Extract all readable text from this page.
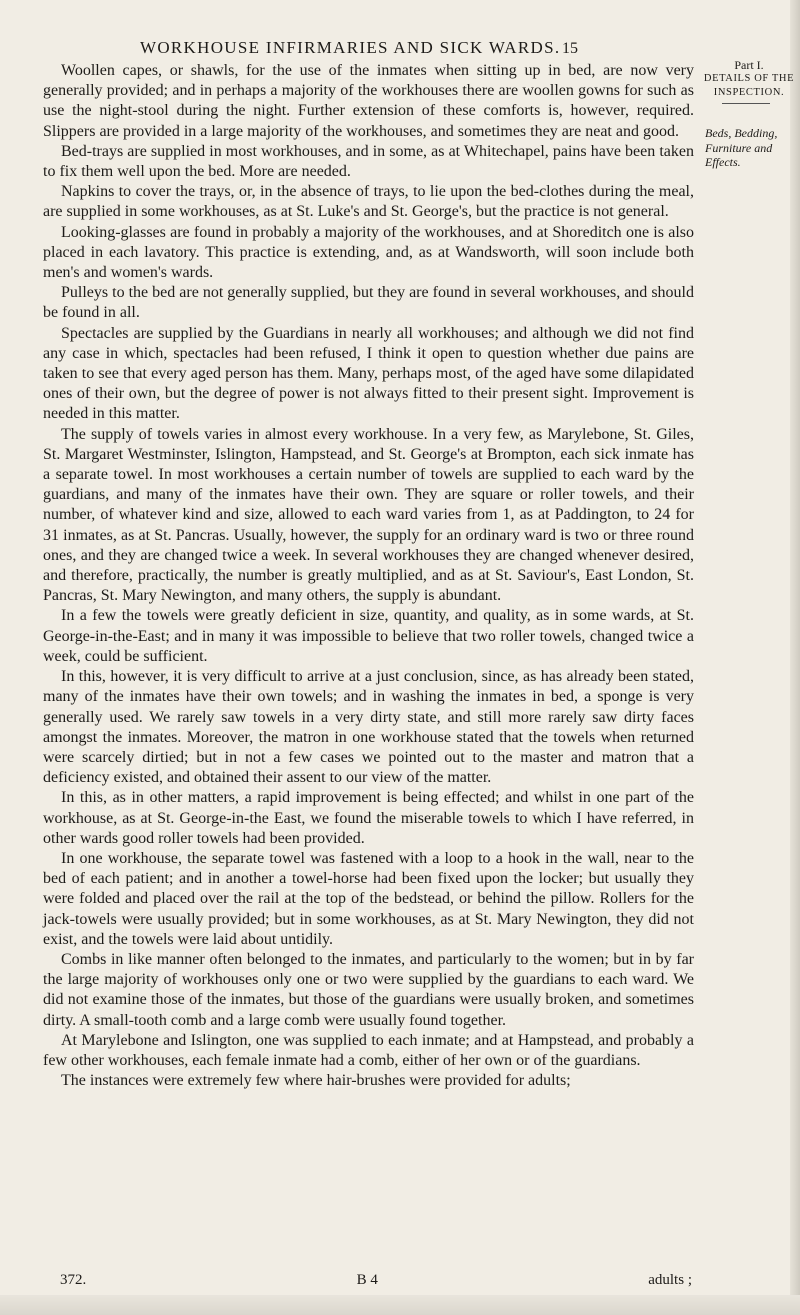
WORKHOUSE INFIRMARIES AND SICK WARDS. 15
Part I.
DETAILS OF THE
INSPECTION.
Beds, Bedding, Furniture and Effects.

Woollen capes, or shawls, for the use of the inmates when sitting up in bed, are now very generally provided; and in perhaps a majority of the workhouses there are woollen gowns for such as use the night-stool during the night. Further extension of these comforts is, however, required. Slippers are provided in a large majority of the workhouses, and sometimes they are neat and good.

Bed-trays are supplied in most workhouses, and in some, as at Whitechapel, pains have been taken to fix them well upon the bed. More are needed.

Napkins to cover the trays, or, in the absence of trays, to lie upon the bed-clothes during the meal, are supplied in some workhouses, as at St. Luke's and St. George's, but the practice is not general.

Looking-glasses are found in probably a majority of the workhouses, and at Shoreditch one is also placed in each lavatory. This practice is extending, and, as at Wandsworth, will soon include both men's and women's wards.

Pulleys to the bed are not generally supplied, but they are found in several workhouses, and should be found in all.

Spectacles are supplied by the Guardians in nearly all workhouses; and although we did not find any case in which, spectacles had been refused, I think it open to question whether due pains are taken to see that every aged person has them. Many, perhaps most, of the aged have some dilapidated ones of their own, but the degree of power is not always fitted to their present sight. Improvement is needed in this matter.

The supply of towels varies in almost every workhouse. In a very few, as Marylebone, St. Giles, St. Margaret Westminster, Islington, Hampstead, and St. George's at Brompton, each sick inmate has a separate towel. In most workhouses a certain number of towels are supplied to each ward by the guardians, and many of the inmates have their own. They are square or roller towels, and their number, of whatever kind and size, allowed to each ward varies from 1, as at Paddington, to 24 for 31 inmates, as at St. Pancras. Usually, however, the supply for an ordinary ward is two or three round ones, and they are changed twice a week. In several workhouses they are changed whenever desired, and therefore, practically, the number is greatly multiplied, and as at St. Saviour's, East London, St. Pancras, St. Mary Newington, and many others, the supply is abundant.

In a few the towels were greatly deficient in size, quantity, and quality, as in some wards, at St. George-in-the-East; and in many it was impossible to believe that two roller towels, changed twice a week, could be sufficient.

In this, however, it is very difficult to arrive at a just conclusion, since, as has already been stated, many of the inmates have their own towels; and in washing the inmates in bed, a sponge is very generally used. We rarely saw towels in a very dirty state, and still more rarely saw dirty faces amongst the inmates. Moreover, the matron in one workhouse stated that the towels when returned were scarcely dirtied; but in not a few cases we pointed out to the master and matron that a deficiency existed, and obtained their assent to our view of the matter.

In this, as in other matters, a rapid improvement is being effected; and whilst in one part of the workhouse, as at St. George-in-the East, we found the miserable towels to which I have referred, in other wards good roller towels had been provided.

In one workhouse, the separate towel was fastened with a loop to a hook in the wall, near to the bed of each patient; and in another a towel-horse had been fixed upon the locker; but usually they were folded and placed over the rail at the top of the bedstead, or behind the pillow. Rollers for the jack-towels were usually provided; but in some workhouses, as at St. Mary Newington, they did not exist, and the towels were laid about untidily.

Combs in like manner often belonged to the inmates, and particularly to the women; but in by far the large majority of workhouses only one or two were supplied by the guardians to each ward. We did not examine those of the inmates, but those of the guardians were usually broken, and sometimes dirty. A small-tooth comb and a large comb were usually found together.

At Marylebone and Islington, one was supplied to each inmate; and at Hampstead, and probably a few other workhouses, each female inmate had a comb, either of her own or of the guardians.

The instances were extremely few where hair-brushes were provided for adults;

372.	B 4	adults ;
